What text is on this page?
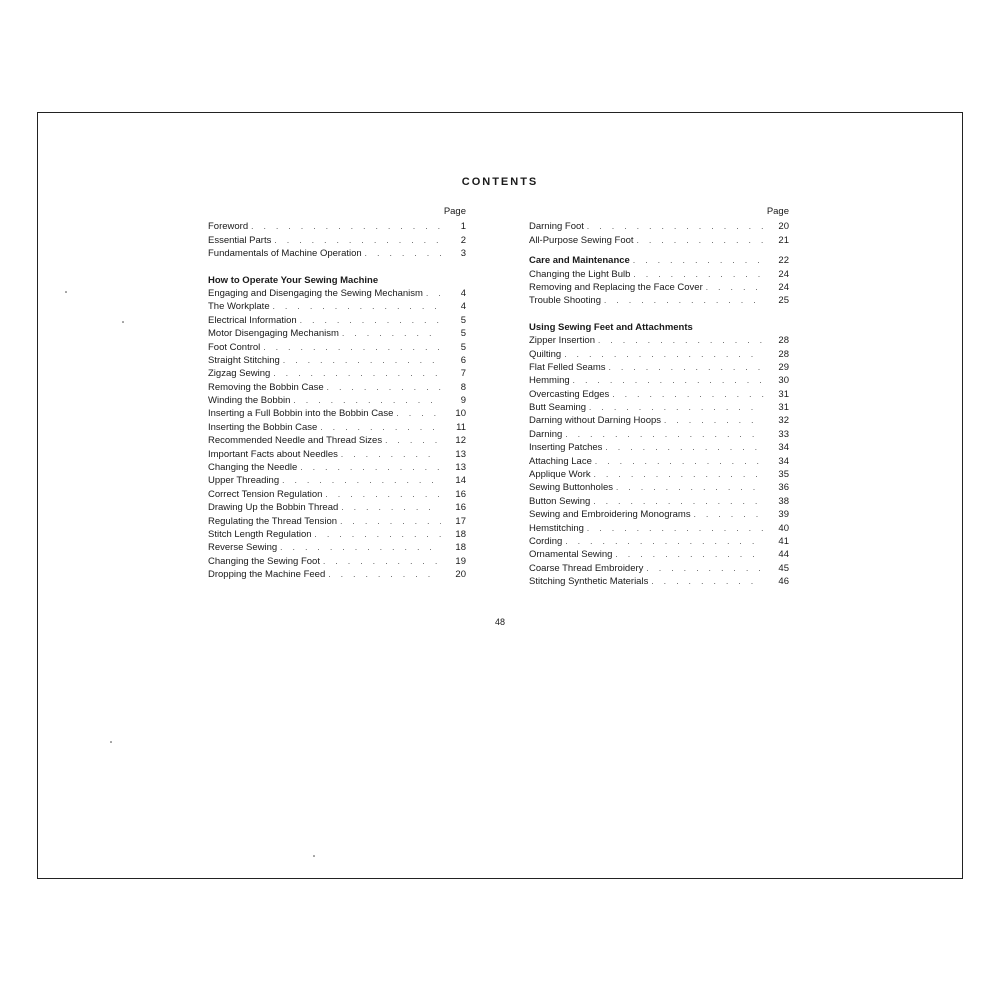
CONTENTS
Page
Foreword . . .	1
Essential Parts . . .	2
Fundamentals of Machine Operation . . .	3
How to Operate Your Sewing Machine
Engaging and Disengaging the Sewing Mechanism . . .	4
The Workplate . . .	4
Electrical Information . . .	5
Motor Disengaging Mechanism . . .	5
Foot Control . . .	5
Straight Stitching . . .	6
Zigzag Sewing . . .	7
Removing the Bobbin Case . . .	8
Winding the Bobbin . . .	9
Inserting a Full Bobbin into the Bobbin Case . . .	10
Inserting the Bobbin Case . . .	11
Recommended Needle and Thread Sizes . . .	12
Important Facts about Needles . . .	13
Changing the Needle . . .	13
Upper Threading . . .	14
Correct Tension Regulation . . .	16
Drawing Up the Bobbin Thread . . .	16
Regulating the Thread Tension . . .	17
Stitch Length Regulation . . .	18
Reverse Sewing . . .	18
Changing the Sewing Foot . . .	19
Dropping the Machine Feed . . .	20
Page
Darning Foot . . .	20
All-Purpose Sewing Foot . . .	21
Care and Maintenance . . .	22
Changing the Light Bulb . . .	24
Removing and Replacing the Face Cover . . .	24
Trouble Shooting . . .	25
Using Sewing Feet and Attachments
Zipper Insertion . . .	28
Quilting . . .	28
Flat Felled Seams . . .	29
Hemming . . .	30
Overcasting Edges . . .	31
Butt Seaming . . .	31
Darning without Darning Hoops . . .	32
Darning . . .	33
Inserting Patches . . .	34
Attaching Lace . . .	34
Applique Work . . .	35
Sewing Buttonholes . . .	36
Button Sewing . . .	38
Sewing and Embroidering Monograms . . .	39
Hemstitching . . .	40
Cording . . .	41
Ornamental Sewing . . .	44
Coarse Thread Embroidery . . .	45
Stitching Synthetic Materials . . .	46
48
